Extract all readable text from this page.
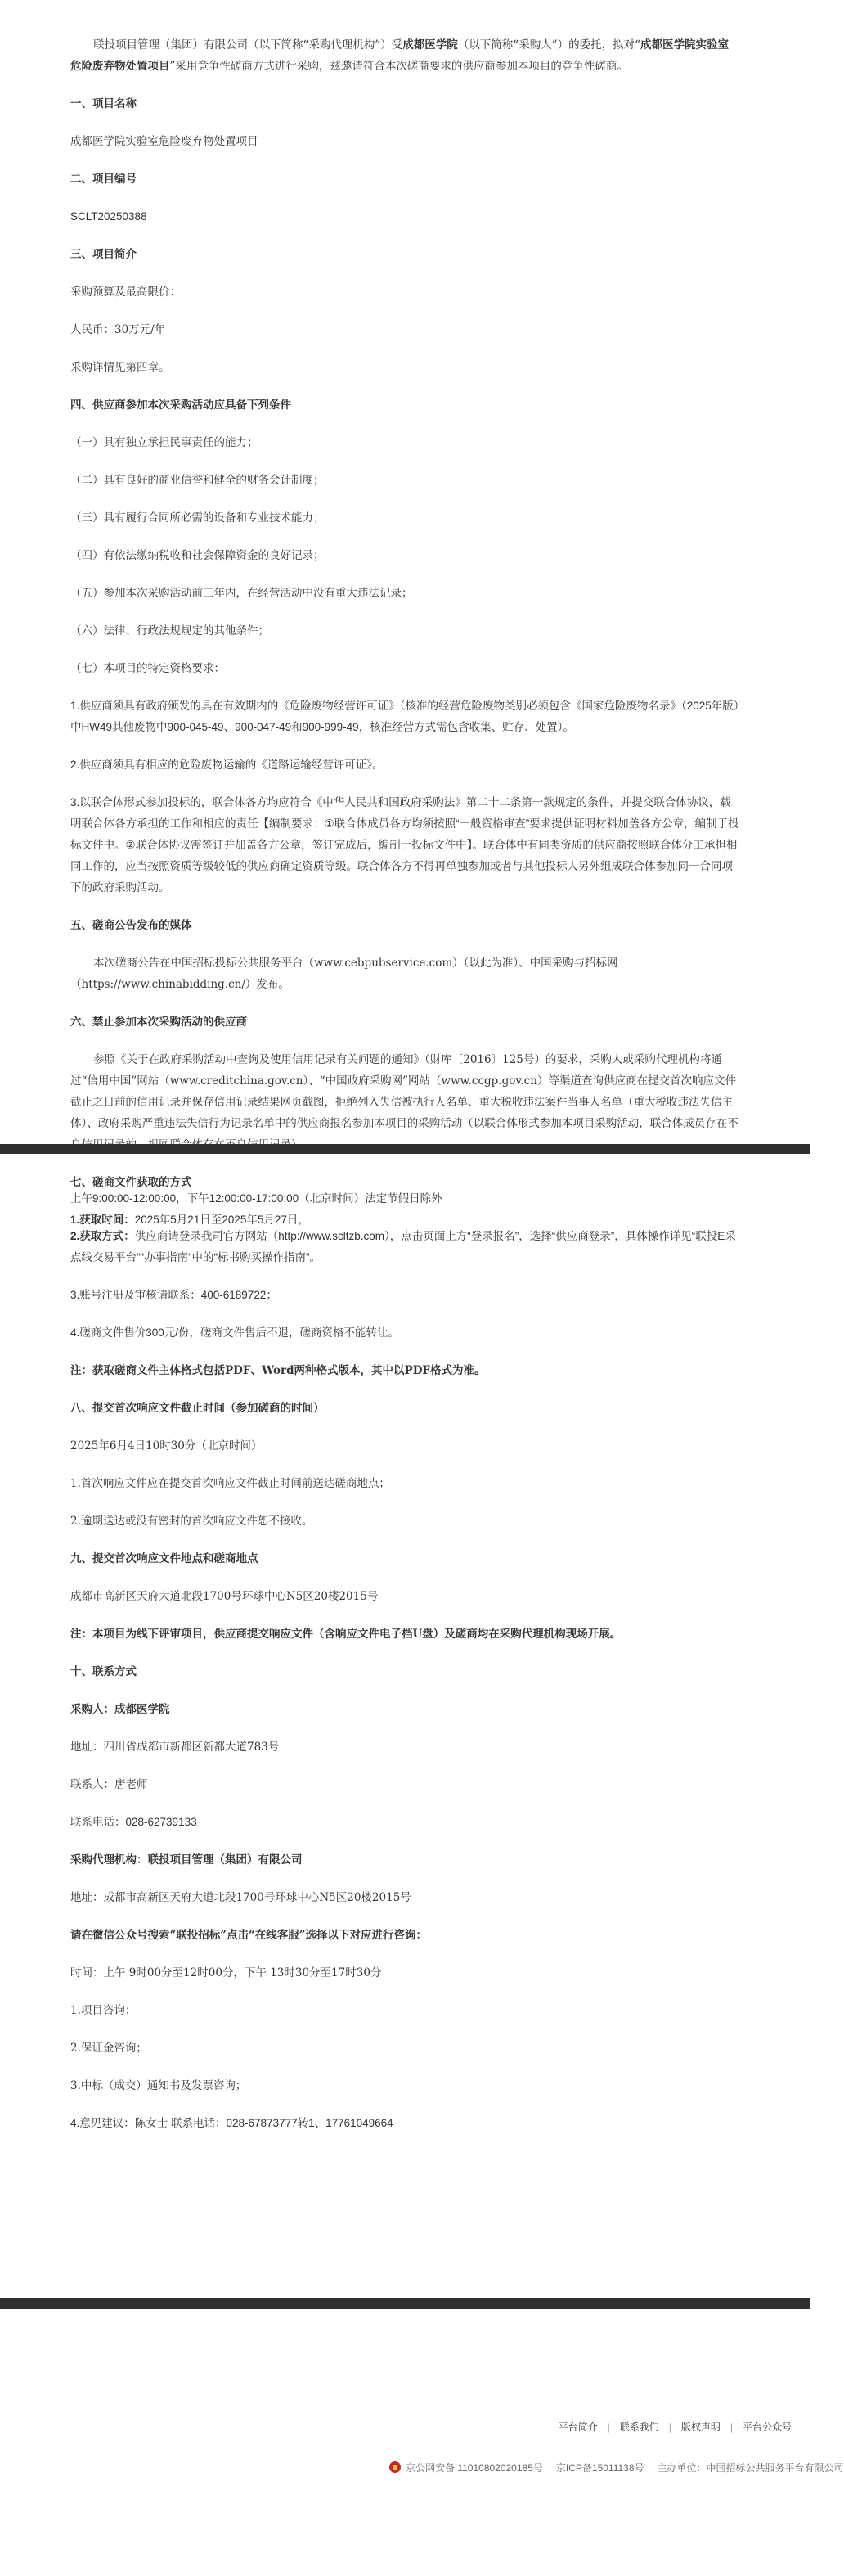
联投项目管理（集团）有限公司（以下简称“采购代理机构”）受成都医学院（以下简称“采购人”）的委托，拟对“成都医学院实验室危险废弃物处置项目”采用竞争性磋商方式进行采购，兹邀请符合本次磋商要求的供应商参加本项目的竞争性磋商。

一、项目名称

成都医学院实验室危险废弃物处置项目

二、项目编号

SCLT20250388

三、项目简介

采购预算及最高限价：

人民币：30万元/年

采购详情见第四章。

四、供应商参加本次采购活动应具备下列条件

（一）具有独立承担民事责任的能力；

（二）具有良好的商业信誉和健全的财务会计制度；

（三）具有履行合同所必需的设备和专业技术能力；

（四）有依法缴纳税收和社会保障资金的良好记录；

（五）参加本次采购活动前三年内，在经营活动中没有重大违法记录；

（六）法律、行政法规规定的其他条件；

（七）本项目的特定资格要求：

1.供应商须具有政府颁发的具在有效期内的《危险废物经营许可证》（核准的经营危险废物类别必须包含《国家危险废物名录》（2025年版）中HW49其他废物中900-045-49、900-047-49和900-999-49，核准经营方式需包含收集、贮存、处置）。

2.供应商须具有相应的危险废物运输的《道路运输经营许可证》。

3.以联合体形式参加投标的，联合体各方均应符合《中华人民共和国政府采购法》第二十二条第一款规定的条件，并提交联合体协议，载明联合体各方承担的工作和相应的责任【编制要求：①联合体成员各方均须按照“一般资格审查”要求提供证明材料加盖各方公章，编制于投标文件中。②联合体协议需签订并加盖各方公章，签订完成后，编制于投标文件中】。联合体中有同类资质的供应商按照联合体分工承担相同工作的，应当按照资质等级较低的供应商确定资质等级。联合体各方不得再单独参加或者与其他投标人另外组成联合体参加同一合同项下的政府采购活动。

五、磋商公告发布的媒体

本次磋商公告在中国招标投标公共服务平台（www.cebpubservice.com）（以此为准）、中国采购与招标网（https://www.chinabidding.cn/）发布。

六、禁止参加本次采购活动的供应商

参照《关于在政府采购活动中查询及使用信用记录有关问题的通知》（财库〔2016〕125号）的要求，采购人或采购代理机构将通过“信用中国”网站（www.creditchina.gov.cn）、“中国政府采购网”网站（www.ccgp.gov.cn）等渠道查询供应商在提交首次响应文件截止之日前的信用记录并保存信用记录结果网页截图，拒绝列入失信被执行人名单、重大税收违法案件当事人名单（重大税收违法失信主体）、政府采购严重违法失信行为记录名单中的供应商报名参加本项目的采购活动（以联合体形式参加本项目采购活动，联合体成员存在不

七、磋商文件获取的方式

1.获取时间：2025年5月21日至2025年5月27日，

上午9:00:00-12:00:00，下午12:00:00-17:00:00（北京时间）法定节假日除外

2.获取方式：供应商请登录我司官方网站（http://www.scltzb.com），点击页面上方“登录报名”，选择“供应商登录”，具体操作详见“联投E采点线交易平台”“办事指南”中的“标书购买操作指南”。

3.账号注册及审核请联系：400-6189722；

4.磋商文件售价300元/份，磋商文件售后不退，磋商资格不能转让。

注：获取磋商文件主体格式包括PDF、Word两种格式版本，其中以PDF格式为准。

八、提交首次响应文件截止时间（参加磋商的时间）

2025年6月4日10时30分（北京时间）

1.首次响应文件应在提交首次响应文件截止时间前送达磋商地点；

2.逾期送达或没有密封的首次响应文件恕不接收。

九、提交首次响应文件地点和磋商地点

成都市高新区天府大道北段1700号环球中心N5区20楼2015号

注：本项目为线下评审项目，供应商提交响应文件（含响应文件电子档U盘）及磋商均在采购代理机构现场开展。

十、联系方式

采购人：成都医学院

地址：四川省成都市新都区新都大道783号

联系人：唐老师

联系电话：028-62739133

采购代理机构：联投项目管理（集团）有限公司

地址：成都市高新区天府大道北段1700号环球中心N5区20楼2015号

请在微信公众号搜索“联投招标”点击“在线客服”选择以下对应进行咨询：

时间：上午 9时00分至12时00分，下午 13时30分至17时30分

1.项目咨询；

2.保证金咨询；

3.中标（成交）通知书及发票咨询；

4.意见建议：陈女士 联系电话：028-67873777转1、17761049664

平台简介 | 联系我们 | 版权声明 | 平台公众号
京公网安备 11010802020185号 京ICP备15011138号 主办单位：中国招标公共服务平台有限公司
